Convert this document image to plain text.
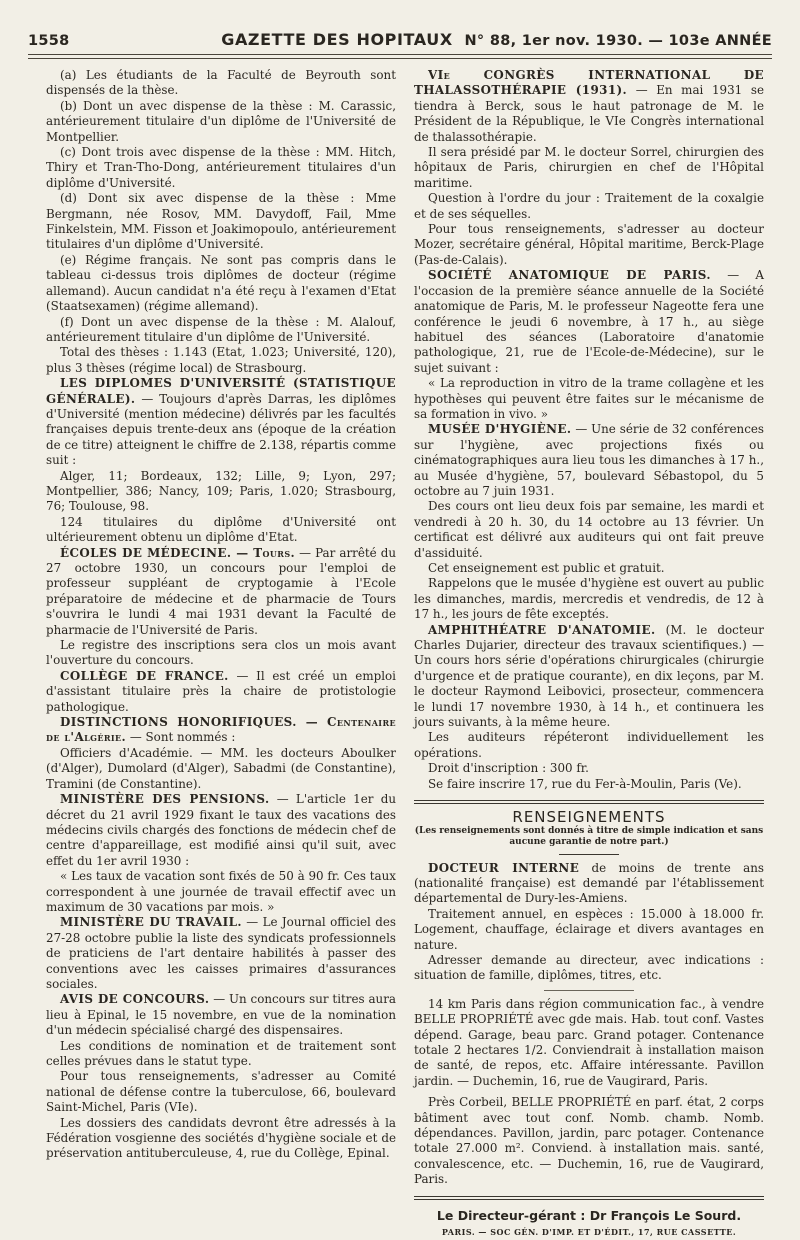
1558	GAZETTE DES HOPITAUX N° 88, 1er nov. 1930. — 103e ANNÉE

(a) Les étudiants de la Faculté de Beyrouth sont dispensés de la thèse.

(b) Dont un avec dispense de la thèse : M. Carassic, antérieurement titulaire d'un diplôme de l'Université de Montpellier.

(c) Dont trois avec dispense de la thèse : MM. Hitch, Thiry et Tran-Tho-Dong, antérieurement titulaires d'un diplôme d'Université.

(d) Dont six avec dispense de la thèse : Mme Bergmann, née Rosov, MM. Davydoff, Fail, Mme Finkelstein, MM. Fisson et Joakimopoulo, antérieurement titulaires d'un diplôme d'Université.

(e) Régime français. Ne sont pas compris dans le tableau ci-dessus trois diplômes de docteur (régime allemand). Aucun candidat n'a été reçu à l'examen d'Etat (Staatsexamen) (régime allemand).

(f) Dont un avec dispense de la thèse : M. Alalouf, antérieurement titulaire d'un diplôme de l'Université.

Total des thèses : 1.143 (Etat, 1.023; Université, 120), plus 3 thèses (régime local) de Strasbourg.

LES DIPLOMES D'UNIVERSITÉ (STATISTIQUE GÉNÉRALE). — Toujours d'après Darras, les diplômes d'Université (mention médecine) délivrés par les facultés françaises depuis trente-deux ans (époque de la création de ce titre) atteignent le chiffre de 2.138, répartis comme suit :

Alger, 11; Bordeaux, 132; Lille, 9; Lyon, 297; Montpellier, 386; Nancy, 109; Paris, 1.020; Strasbourg, 76; Toulouse, 98.

124 titulaires du diplôme d'Université ont ultérieurement obtenu un diplôme d'Etat.

ÉCOLES DE MÉDECINE. — Tours. — Par arrêté du 27 octobre 1930, un concours pour l'emploi de professeur suppléant de cryptogamie à l'Ecole préparatoire de médecine et de pharmacie de Tours s'ouvrira le lundi 4 mai 1931 devant la Faculté de pharmacie de l'Université de Paris.

Le registre des inscriptions sera clos un mois avant l'ouverture du concours.

COLLÈGE DE FRANCE. — Il est créé un emploi d'assistant titulaire près la chaire de protistologie pathologique.

DISTINCTIONS HONORIFIQUES. — Centenaire de l'Algérie. — Sont nommés :

Officiers d'Académie. — MM. les docteurs Aboulker (d'Alger), Dumolard (d'Alger), Sabadmi (de Constantine), Tramini (de Constantine).

MINISTÈRE DES PENSIONS. — L'article 1er du décret du 21 avril 1929 fixant le taux des vacations des médecins civils chargés des fonctions de médecin chef de centre d'appareillage, est modifié ainsi qu'il suit, avec effet du 1er avril 1930 :

« Les taux de vacation sont fixés de 50 à 90 fr. Ces taux correspondent à une journée de travail effectif avec un maximum de 30 vacations par mois. »

MINISTÈRE DU TRAVAIL. — Le Journal officiel des 27-28 octobre publie la liste des syndicats professionnels de praticiens de l'art dentaire habilités à passer des conventions avec les caisses primaires d'assurances sociales.

AVIS DE CONCOURS. — Un concours sur titres aura lieu à Epinal, le 15 novembre, en vue de la nomination d'un médecin spécialisé chargé des dispensaires.

Les conditions de nomination et de traitement sont celles prévues dans le statut type.

Pour tous renseignements, s'adresser au Comité national de défense contre la tuberculose, 66, boulevard Saint-Michel, Paris (VIe).

Les dossiers des candidats devront être adressés à la Fédération vosgienne des sociétés d'hygiène sociale et de préservation antituberculeuse, 4, rue du Collège, Epinal.

VIe CONGRÈS INTERNATIONAL DE THALASSOTHÉRAPIE (1931). — En mai 1931 se tiendra à Berck, sous le haut patronage de M. le Président de la République, le VIe Congrès international de thalassothérapie.

Il sera présidé par M. le docteur Sorrel, chirurgien des hôpitaux de Paris, chirurgien en chef de l'Hôpital maritime.

Question à l'ordre du jour : Traitement de la coxalgie et de ses séquelles.

Pour tous renseignements, s'adresser au docteur Mozer, secrétaire général, Hôpital maritime, Berck-Plage (Pas-de-Calais).

SOCIÉTÉ ANATOMIQUE DE PARIS. — A l'occasion de la première séance annuelle de la Société anatomique de Paris, M. le professeur Nageotte fera une conférence le jeudi 6 novembre, à 17 h., au siège habituel des séances (Laboratoire d'anatomie pathologique, 21, rue de l'Ecole-de-Médecine), sur le sujet suivant :

« La reproduction in vitro de la trame collagène et les hypothèses qui peuvent être faites sur le mécanisme de sa formation in vivo. »

MUSÉE D'HYGIÈNE. — Une série de 32 conférences sur l'hygiène, avec projections fixés ou cinématographiques aura lieu tous les dimanches à 17 h., au Musée d'hygiène, 57, boulevard Sébastopol, du 5 octobre au 7 juin 1931.

Des cours ont lieu deux fois par semaine, les mardi et vendredi à 20 h. 30, du 14 octobre au 13 février. Un certificat est délivré aux auditeurs qui ont fait preuve d'assiduité.

Cet enseignement est public et gratuit.

Rappelons que le musée d'hygiène est ouvert au public les dimanches, mardis, mercredis et vendredis, de 12 à 17 h., les jours de fête exceptés.

AMPHITHÉATRE D'ANATOMIE. (M. le docteur Charles Dujarier, directeur des travaux scientifiques.) — Un cours hors série d'opérations chirurgicales (chirurgie d'urgence et de pratique courante), en dix leçons, par M. le docteur Raymond Leibovici, prosecteur, commencera le lundi 17 novembre 1930, à 14 h., et continuera les jours suivants, à la même heure.

Les auditeurs répéteront individuellement les opérations.

Droit d'inscription : 300 fr.

Se faire inscrire 17, rue du Fer-à-Moulin, Paris (Ve).

RENSEIGNEMENTS
(Les renseignements sont donnés à titre de simple indication et sans aucune garantie de notre part.)

DOCTEUR INTERNE de moins de trente ans (nationalité française) est demandé par l'établissement départemental de Dury-les-Amiens.

Traitement annuel, en espèces : 15.000 à 18.000 fr. Logement, chauffage, éclairage et divers avantages en nature.

Adresser demande au directeur, avec indications : situation de famille, diplômes, titres, etc.

14 km Paris dans région communication fac., à vendre BELLE PROPRIÉTÉ avec gde mais. Hab. tout conf. Vastes dépend. Garage, beau parc. Grand potager. Contenance totale 2 hectares 1/2. Conviendrait à installation maison de santé, de repos, etc. Affaire intéressante. Pavillon jardin. — Duchemin, 16, rue de Vaugirard, Paris.

Près Corbeil, BELLE PROPRIÉTÉ en parf. état, 2 corps bâtiment avec tout conf. Nomb. chamb. Nomb. dépendances. Pavillon, jardin, parc potager. Contenance totale 27.000 m². Conviend. à installation mais. santé, convalescence, etc. — Duchemin, 16, rue de Vaugirard, Paris.

Le Directeur-gérant : Dr François Le Sourd.
PARIS. — SOC GÉN. D'IMP. ET D'ÉDIT., 17, RUE CASSETTE.
